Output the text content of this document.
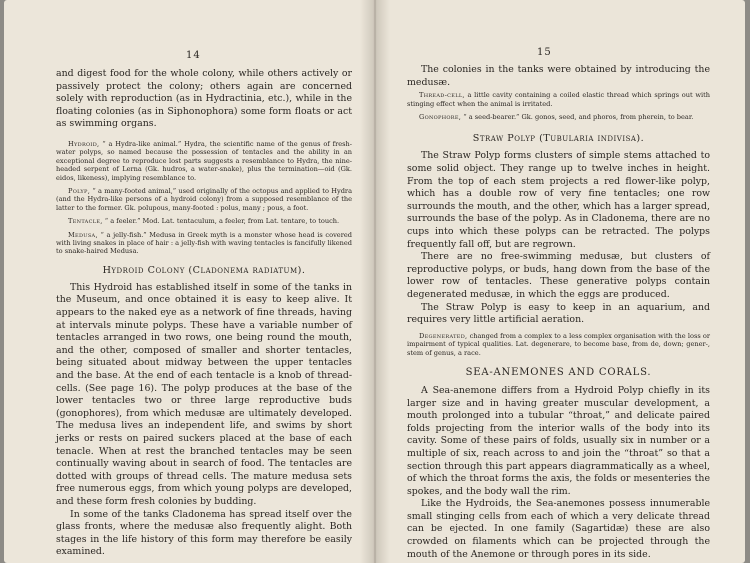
14

and digest food for the whole colony, while others actively or passively protect the colony; others again are concerned solely with reproduction (as in Hydractinia, etc.), while in the floating colonies (as in Siphonophora) some form floats or act as swimming organs.

Hydroid, “ a Hydra-like animal.” Hydra, the scientific name of the genus of fresh-water polyps, so named because the possession of tentacles and the ability in an exceptional degree to reproduce lost parts suggests a resemblance to Hydra, the nine-headed serpent of Lerna (Gk. hudros, a water-snake), plus the termination—oid (Gk. eidos, likeness), implying resemblance to.

Polyp, “ a many-footed animal,” used originally of the octopus and applied to Hydra (and the Hydra-like persons of a hydroid colony) from a supposed resemblance of the latter to the former. Gk. polupous, many-footed : polus, many ; pous, a foot.

Tentacle, “ a feeler.” Mod. Lat. tentaculum, a feeler, from Lat. tentare, to touch.

Medusa, “ a jelly-fish.” Medusa in Greek myth is a monster whose head is covered with living snakes in place of hair : a jelly-fish with waving tentacles is fancifully likened to snake-haired Medusa.

Hydroid Colony (Cladonema radiatum).

This Hydroid has established itself in some of the tanks in the Museum, and once obtained it is easy to keep alive. It appears to the naked eye as a network of fine threads, having at intervals minute polyps. These have a variable number of tentacles arranged in two rows, one being round the mouth, and the other, composed of smaller and shorter tentacles, being situated about midway between the upper tentacles and the base. At the end of each tentacle is a knob of thread-cells. (See page 16). The polyp produces at the base of the lower tentacles two or three large reproductive buds (gonophores), from which medusæ are ultimately developed. The medusa lives an independent life, and swims by short jerks or rests on paired suckers placed at the base of each tenacle. When at rest the branched tentacles may be seen continually waving about in search of food. The tentacles are dotted with groups of thread cells. The mature medusa sets free numerous eggs, from which young polyps are developed, and these form fresh colonies by budding.

In some of the tanks Cladonema has spread itself over the glass fronts, where the medusæ also frequently alight. Both stages in the life history of this form may therefore be easily examined.

15

The colonies in the tanks were obtained by introducing the medusæ.

Thread-cell, a little cavity containing a coiled elastic thread which springs out with stinging effect when the animal is irritated.

Gonophore, “ a seed-bearer.” Gk. gonos, seed, and phoros, from pherein, to bear.

Straw Polyp (Tubularia indivisa).

The Straw Polyp forms clusters of simple stems attached to some solid object. They range up to twelve inches in height. From the top of each stem projects a red flower-like polyp, which has a double row of very fine tentacles; one row surrounds the mouth, and the other, which has a larger spread, surrounds the base of the polyp. As in Cladonema, there are no cups into which these polyps can be retracted. The polyps frequently fall off, but are regrown.

There are no free-swimming medusæ, but clusters of reproductive polyps, or buds, hang down from the base of the lower row of tentacles. These generative polyps contain degenerated medusæ, in which the eggs are produced.

The Straw Polyp is easy to keep in an aquarium, and requires very little artificial aeration.

Degenerated, changed from a complex to a less complex organisation with the loss or impairment of typical qualities. Lat. degenerare, to become base, from de, down; gener-, stem of genus, a race.

SEA-ANEMONES AND CORALS.

A Sea-anemone differs from a Hydroid Polyp chiefly in its larger size and in having greater muscular development, a mouth prolonged into a tubular “throat,” and delicate paired folds projecting from the interior walls of the body into its cavity. Some of these pairs of folds, usually six in number or a multiple of six, reach across to and join the “throat” so that a section through this part appears diagrammatically as a wheel, of which the throat forms the axis, the folds or mesenteries the spokes, and the body wall the rim.

Like the Hydroids, the Sea-anemones possess innumerable small stinging cells from each of which a very delicate thread can be ejected. In one family (Sagartidæ) these are also crowded on filaments which can be projected through the mouth of the Anemone or through pores in its side.
